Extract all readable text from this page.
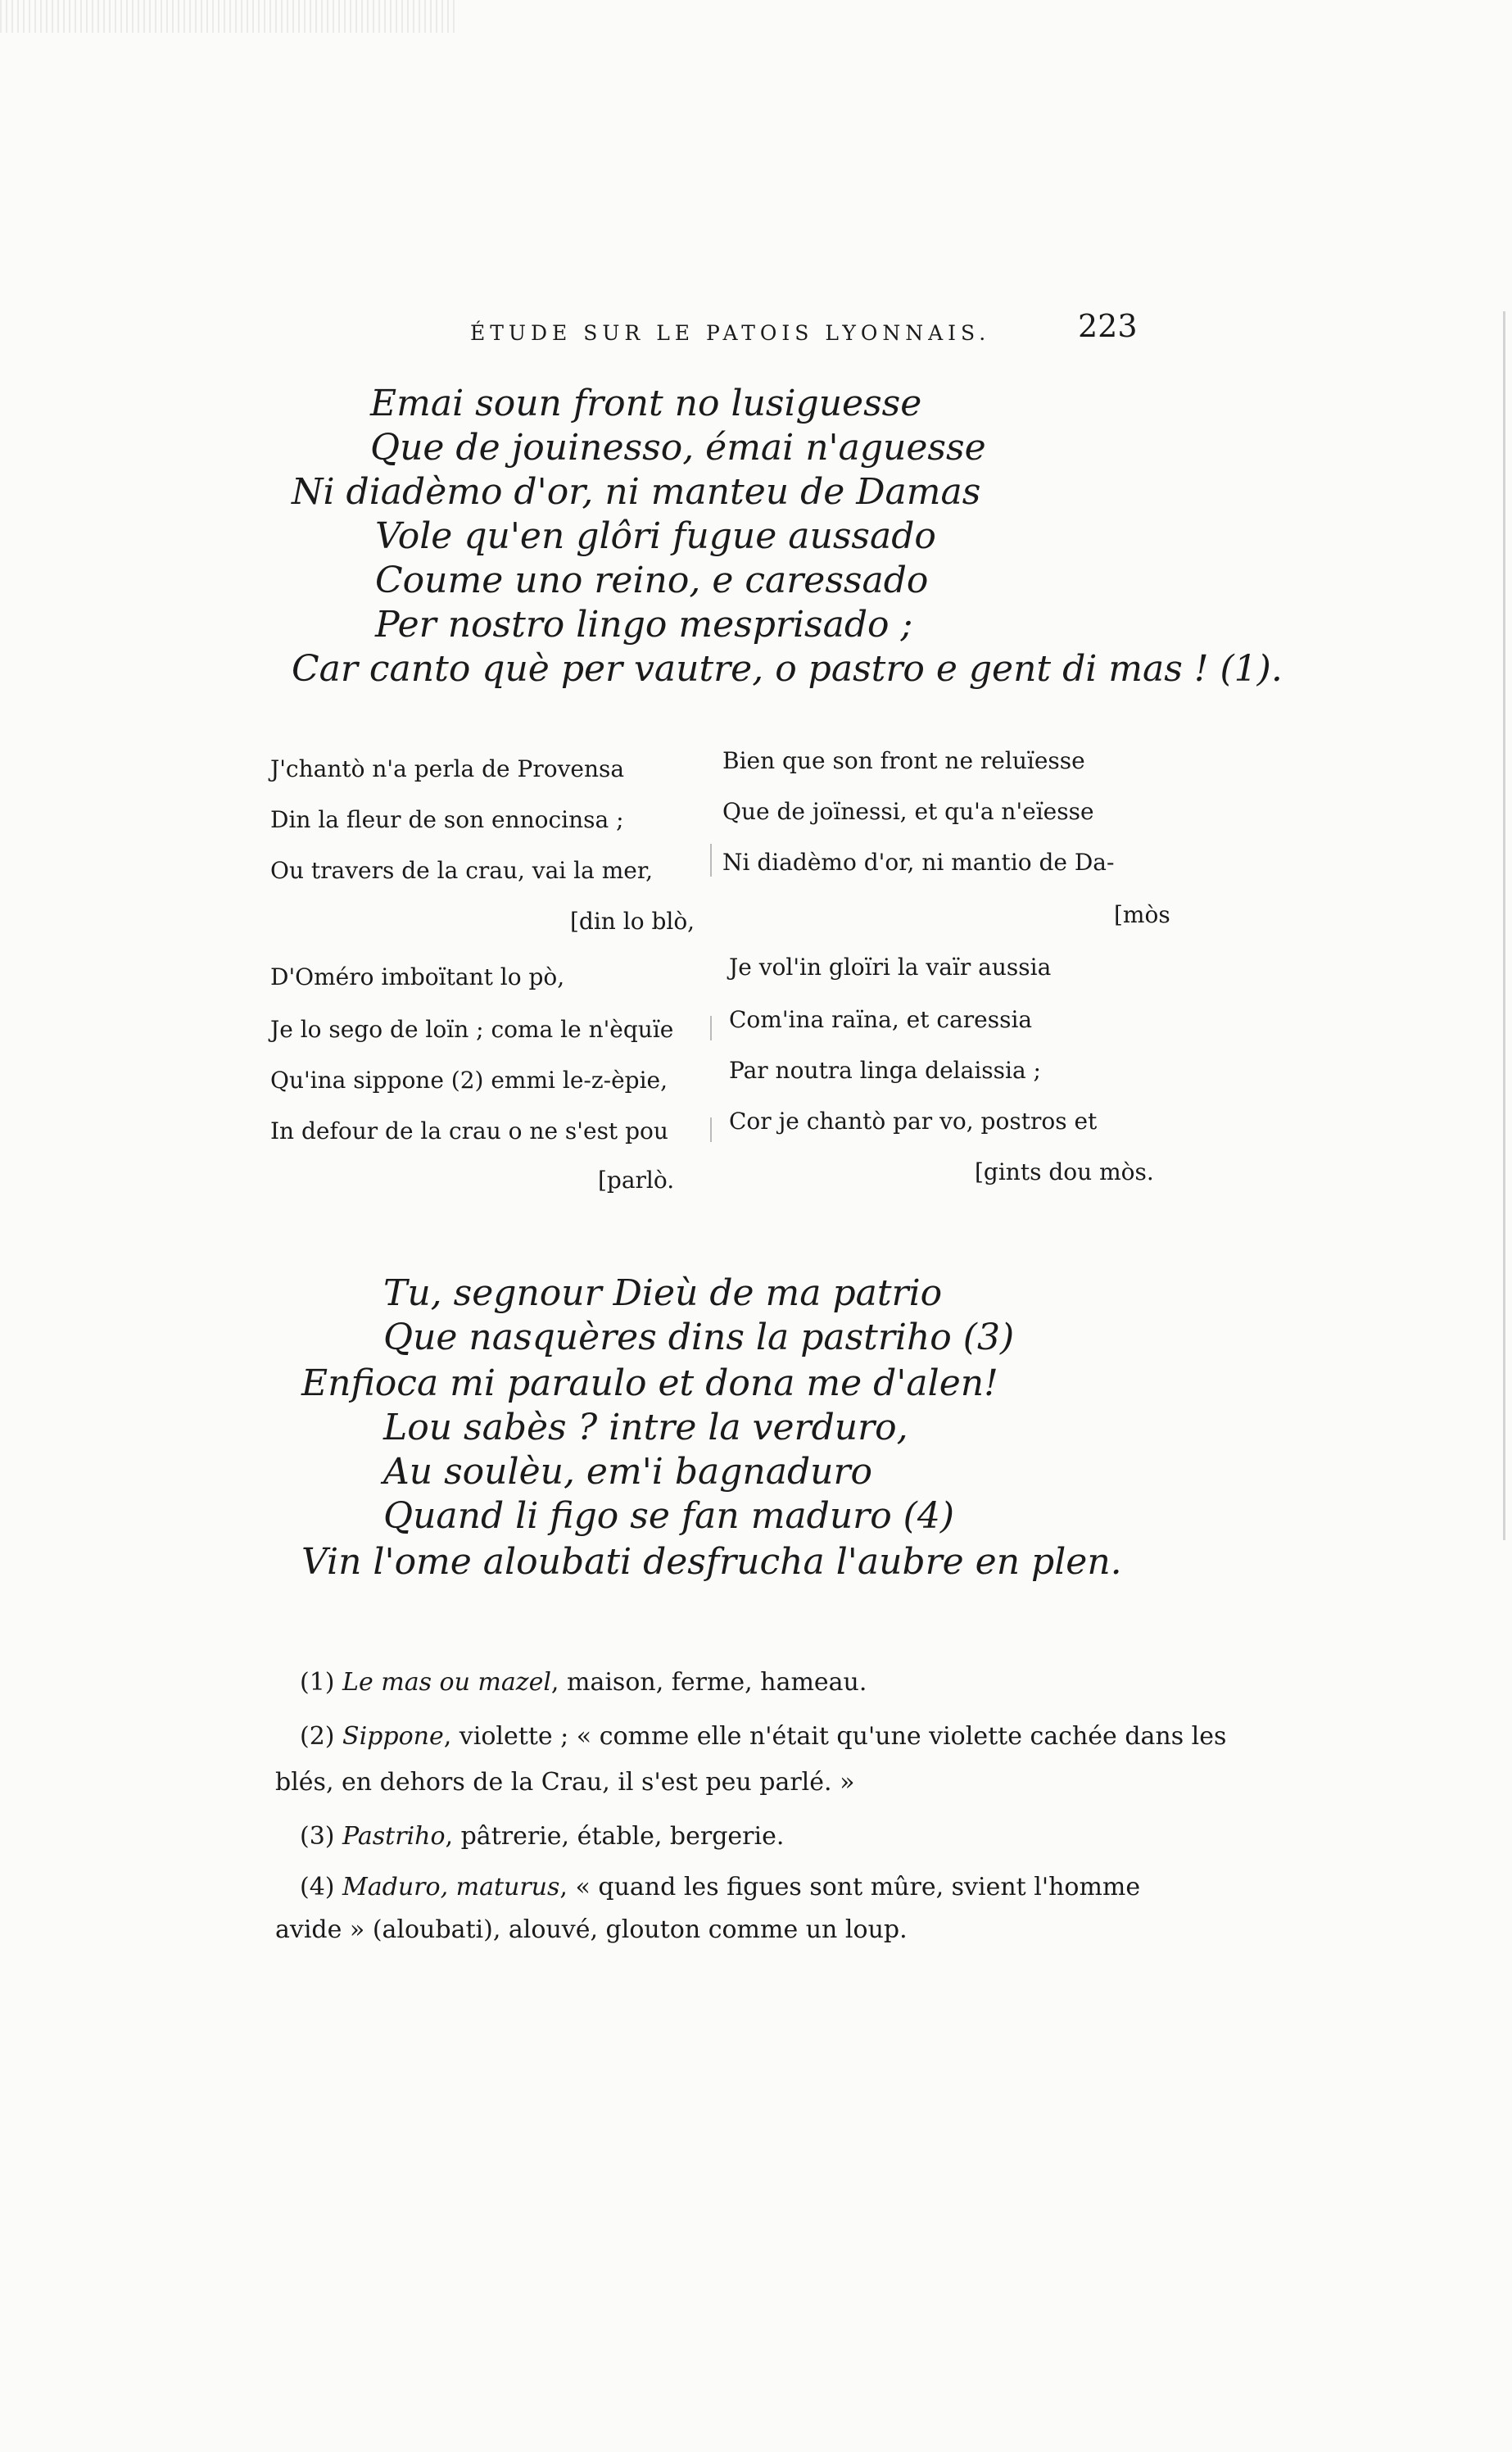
ÉTUDE SUR LE PATOIS LYONNAIS.	223
Emai soun front no lusiguesse
Que de jouinesso, émai n'aguesse
Ni diadèmo d'or, ni manteu de Damas
Vole qu'en glôri fugue aussado
Coume uno reino, e caressado
Per nostro lingo mesprisado ;
Car canto què per vautre, o pastro e gent di mas ! (1).
J'chantò n'a perla de Provensa
Din la fleur de son ennocinsa ;
Ou travers de la crau, vai la mer,
[din lo blò,
D'Oméro imboïtant lo pò,
Je lo sego de loïn ; coma le n'èquïe
Qu'ina sippone (2) emmi le-z-èpie,
In defour de la crau o ne s'est pou
[parlò.
Bien que son front ne reluïesse
Que de joïnessi, et qu'a n'eïesse
Ni diadèmo d'or, ni mantio de Da-
[mòs
Je vol'in gloïri la vaïr aussia
Com'ina raïna, et caressia
Par noutra linga delaissia ;
Cor je chantò par vo, postros et
[gints dou mòs.
Tu, segnour Dieù de ma patrio
Que nasquères dins la pastriho (3)
Enfioca mi paraulo et dona me d'alen!
Lou sabès ? intre la verduro,
Au soulèu, em'i bagnaduro
Quand li figo se fan maduro (4)
Vin l'ome aloubati desfrucha l'aubre en plen.
(1) Le mas ou mazel, maison, ferme, hameau.
(2) Sippone, violette ; « comme elle n'était qu'une violette cachée dans les
blés, en dehors de la Crau, il s'est peu parlé. »
(3) Pastriho, pâtrerie, étable, bergerie.
(4) Maduro, maturus, « quand les figues sont mûre, svient l'homme
avide » (aloubati), alouvé, glouton comme un loup.
